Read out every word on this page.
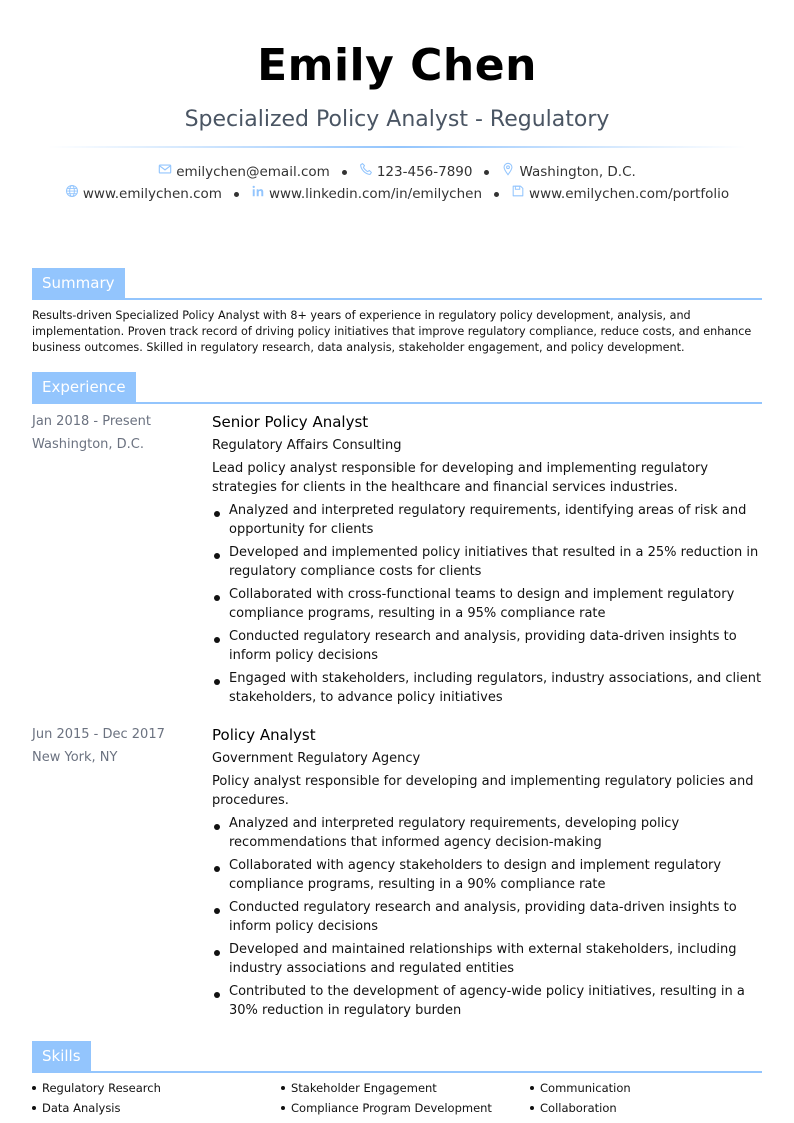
Emily Chen
Specialized Policy Analyst - Regulatory
emilychen@email.com	123-456-7890	Washington, D.C.
www.emilychen.com	www.linkedin.com/in/emilychen	www.emilychen.com/portfolio
Summary
Results-driven Specialized Policy Analyst with 8+ years of experience in regulatory policy development, analysis, and implementation. Proven track record of driving policy initiatives that improve regulatory compliance, reduce costs, and enhance business outcomes. Skilled in regulatory research, data analysis, stakeholder engagement, and policy development.
Experience
Jan 2018 - Present
Washington, D.C.
Senior Policy Analyst
Regulatory Affairs Consulting
Lead policy analyst responsible for developing and implementing regulatory strategies for clients in the healthcare and financial services industries.
Analyzed and interpreted regulatory requirements, identifying areas of risk and opportunity for clients
Developed and implemented policy initiatives that resulted in a 25% reduction in regulatory compliance costs for clients
Collaborated with cross-functional teams to design and implement regulatory compliance programs, resulting in a 95% compliance rate
Conducted regulatory research and analysis, providing data-driven insights to inform policy decisions
Engaged with stakeholders, including regulators, industry associations, and client stakeholders, to advance policy initiatives
Jun 2015 - Dec 2017
New York, NY
Policy Analyst
Government Regulatory Agency
Policy analyst responsible for developing and implementing regulatory policies and procedures.
Analyzed and interpreted regulatory requirements, developing policy recommendations that informed agency decision-making
Collaborated with agency stakeholders to design and implement regulatory compliance programs, resulting in a 90% compliance rate
Conducted regulatory research and analysis, providing data-driven insights to inform policy decisions
Developed and maintained relationships with external stakeholders, including industry associations and regulated entities
Contributed to the development of agency-wide policy initiatives, resulting in a 30% reduction in regulatory burden
Skills
Regulatory Research	Stakeholder Engagement	Communication
Data Analysis	Compliance Program Development	Collaboration
